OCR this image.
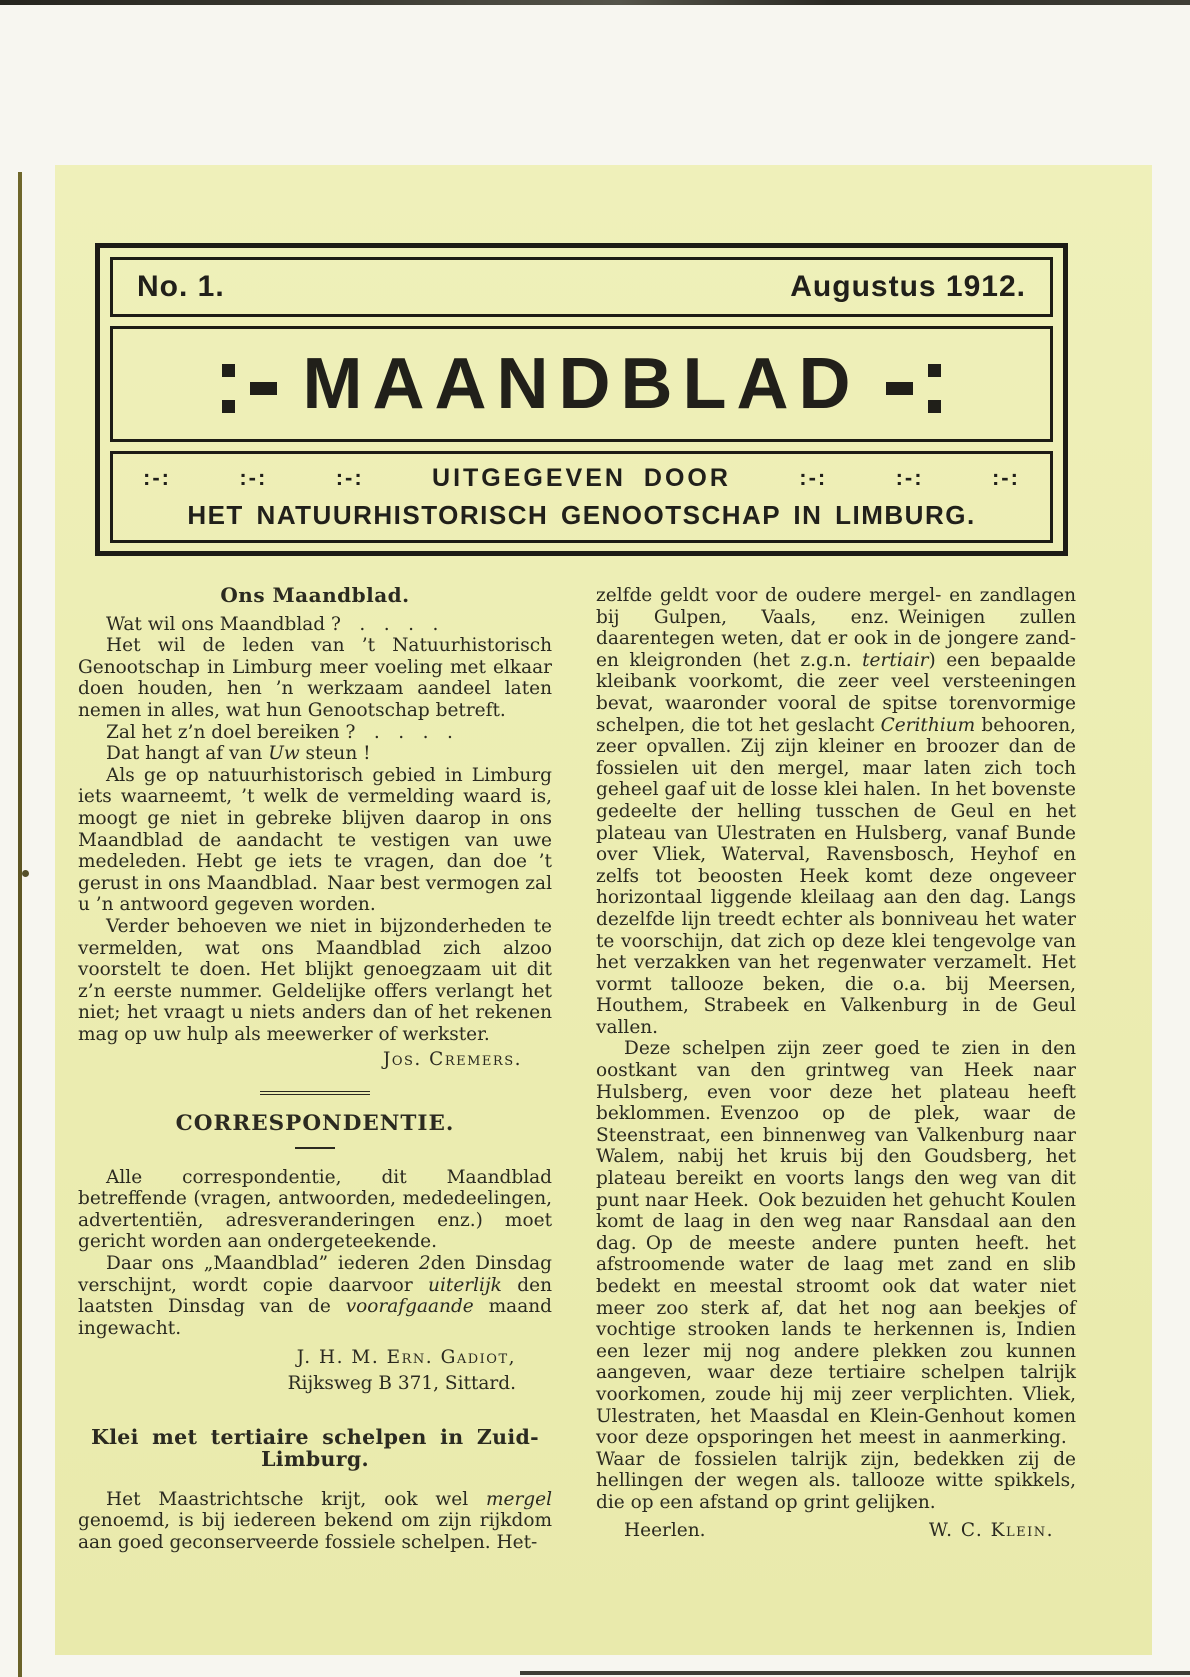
No. 1.	Augustus 1912.
MAANDBLAD
:-:	:-:	:-:	UITGEGEVEN DOOR	:-:	:-:	:-:
HET NATUURHISTORISCH GENOOTSCHAP IN LIMBURG.
Ons Maandblad.

Wat wil ons Maandblad ? . . . .

Het wil de leden van ’t Natuurhistorisch Genootschap in Limburg meer voeling met elkaar doen houden, hen ’n werkzaam aandeel laten nemen in alles, wat hun Genootschap betreft.

Zal het z’n doel bereiken ? . . . .

Dat hangt af van Uw steun !

Als ge op natuurhistorisch gebied in Limburg iets waarneemt, ’t welk de vermelding waard is, moogt ge niet in gebreke blijven daarop in ons Maandblad de aandacht te vestigen van uwe medeleden. Hebt ge iets te vragen, dan doe ’t gerust in ons Maandblad. Naar best vermogen zal u ’n antwoord gegeven worden.

Verder behoeven we niet in bijzonderheden te vermelden, wat ons Maandblad zich alzoo voorstelt te doen. Het blijkt genoegzaam uit dit z’n eerste nummer. Geldelijke offers verlangt het niet; het vraagt u niets anders dan of het rekenen mag op uw hulp als meewerker of werkster.

Jos. Cremers.
CORRESPONDENTIE.

Alle correspondentie, dit Maandblad betreffende (vragen, antwoorden, mededeelingen, advertentiën, adresveranderingen enz.) moet gericht worden aan ondergeteekende.

Daar ons „Maandblad” iederen 2den Dinsdag verschijnt, wordt copie daarvoor uiterlijk den laatsten Dinsdag van de voorafgaande maand ingewacht.

J. H. M. Ern. Gadiot,
Rijksweg B 371, Sittard.
Klei met tertiaire schelpen in Zuid-Limburg.

Het Maastrichtsche krijt, ook wel mergel genoemd, is bij iedereen bekend om zijn rijkdom aan goed geconserveerde fossiele schelpen. Het-

zelfde geldt voor de oudere mergel- en zandlagen bij Gulpen, Vaals, enz. Weinigen zullen daarentegen weten, dat er ook in de jongere zand- en kleigronden (het z.g.n. tertiair) een bepaalde kleibank voorkomt, die zeer veel versteeningen bevat, waaronder vooral de spitse torenvormige schelpen, die tot het geslacht Cerithium behooren, zeer opvallen. Zij zijn kleiner en broozer dan de fossielen uit den mergel, maar laten zich toch geheel gaaf uit de losse klei halen. In het bovenste gedeelte der helling tusschen de Geul en het plateau van Ulestraten en Hulsberg, vanaf Bunde over Vliek, Waterval, Ravensbosch, Heyhof en zelfs tot beoosten Heek komt deze ongeveer horizontaal liggende kleilaag aan den dag. Langs dezelfde lijn treedt echter als bonniveau het water te voorschijn, dat zich op deze klei tengevolge van het verzakken van het regenwater verzamelt. Het vormt tallooze beken, die o.a. bij Meersen, Houthem, Strabeek en Valkenburg in de Geul vallen.

Deze schelpen zijn zeer goed te zien in den oostkant van den grintweg van Heek naar Hulsberg, even voor deze het plateau heeft beklommen. Evenzoo op de plek, waar de Steenstraat, een binnenweg van Valkenburg naar Walem, nabij het kruis bij den Goudsberg, het plateau bereikt en voorts langs den weg van dit punt naar Heek. Ook bezuiden het gehucht Koulen komt de laag in den weg naar Ransdaal aan den dag. Op de meeste andere punten heeft. het afstroomende water de laag met zand en slib bedekt en meestal stroomt ook dat water niet meer zoo sterk af, dat het nog aan beekjes of vochtige strooken lands te herkennen is, Indien een lezer mij nog andere plekken zou kunnen aangeven, waar deze tertiaire schelpen talrijk voorkomen, zoude hij mij zeer verplichten. Vliek, Ulestraten, het Maasdal en Klein-Genhout komen voor deze opsporingen het meest in aanmerking. Waar de fossielen talrijk zijn, bedekken zij de hellingen der wegen als. tallooze witte spikkels, die op een afstand op grint gelijken.

Heerlen.	W. C. Klein.
